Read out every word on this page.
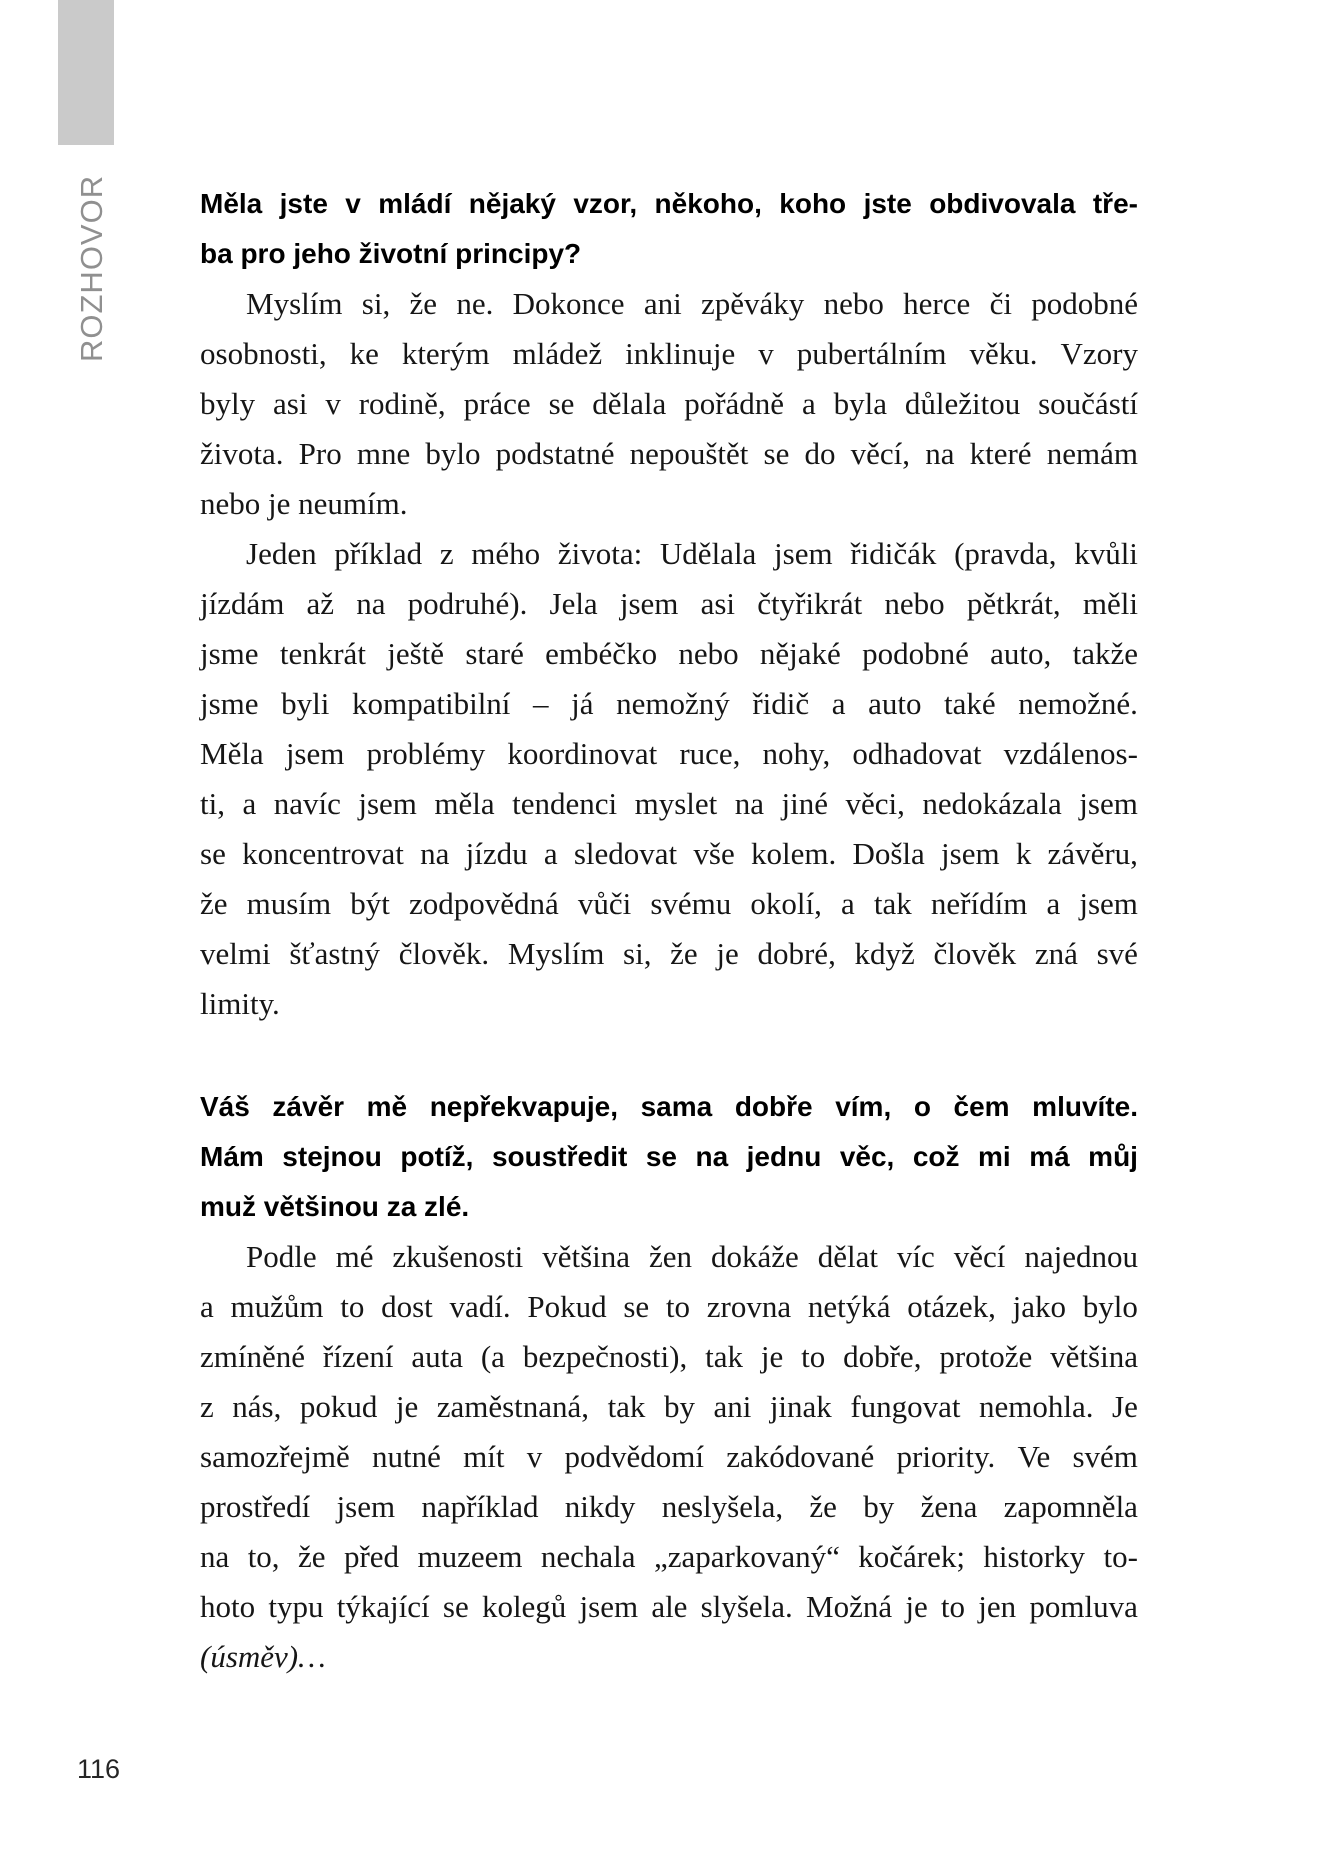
ROZHOVOR	Měla jste v mládí nějaký vzor, někoho, koho jste obdivovala tře-
ba pro jeho životní principy?
Myslím si, že ne. Dokonce ani zpěváky nebo herce či podobné
osobnosti, ke kterým mládež inklinuje v pubertálním věku. Vzory
byly asi v rodině, práce se dělala pořádně a byla důležitou součástí
života. Pro mne bylo podstatné nepouštět se do věcí, na které nemám
nebo je neumím.
Jeden příklad z mého života: Udělala jsem řidičák (pravda, kvůli
jízdám až na podruhé). Jela jsem asi čtyřikrát nebo pětkrát, měli
jsme tenkrát ještě staré embéčko nebo nějaké podobné auto, takže
jsme byli kompatibilní – já nemožný řidič a auto také nemožné.
Měla jsem problémy koordinovat ruce, nohy, odhadovat vzdálenos-
ti, a navíc jsem měla tendenci myslet na jiné věci, nedokázala jsem
se koncentrovat na jízdu a sledovat vše kolem. Došla jsem k závěru,
že musím být zodpovědná vůči svému okolí, a tak neřídím a jsem
velmi šťastný člověk. Myslím si, že je dobré, když člověk zná své
limity.
Váš závěr mě nepřekvapuje, sama dobře vím, o čem mluvíte.
Mám stejnou potíž, soustředit se na jednu věc, což mi má můj
muž většinou za zlé.
Podle mé zkušenosti většina žen dokáže dělat víc věcí najednou
a mužům to dost vadí. Pokud se to zrovna netýká otázek, jako bylo
zmíněné řízení auta (a bezpečnosti), tak je to dobře, protože většina
z nás, pokud je zaměstnaná, tak by ani jinak fungovat nemohla. Je
samozřejmě nutné mít v podvědomí zakódované priority. Ve svém
prostředí jsem například nikdy neslyšela, že by žena zapomněla
na to, že před muzeem nechala „zaparkovaný“ kočárek; historky to-
hoto typu týkající se kolegů jsem ale slyšela. Možná je to jen pomluva
(úsměv)…
116
